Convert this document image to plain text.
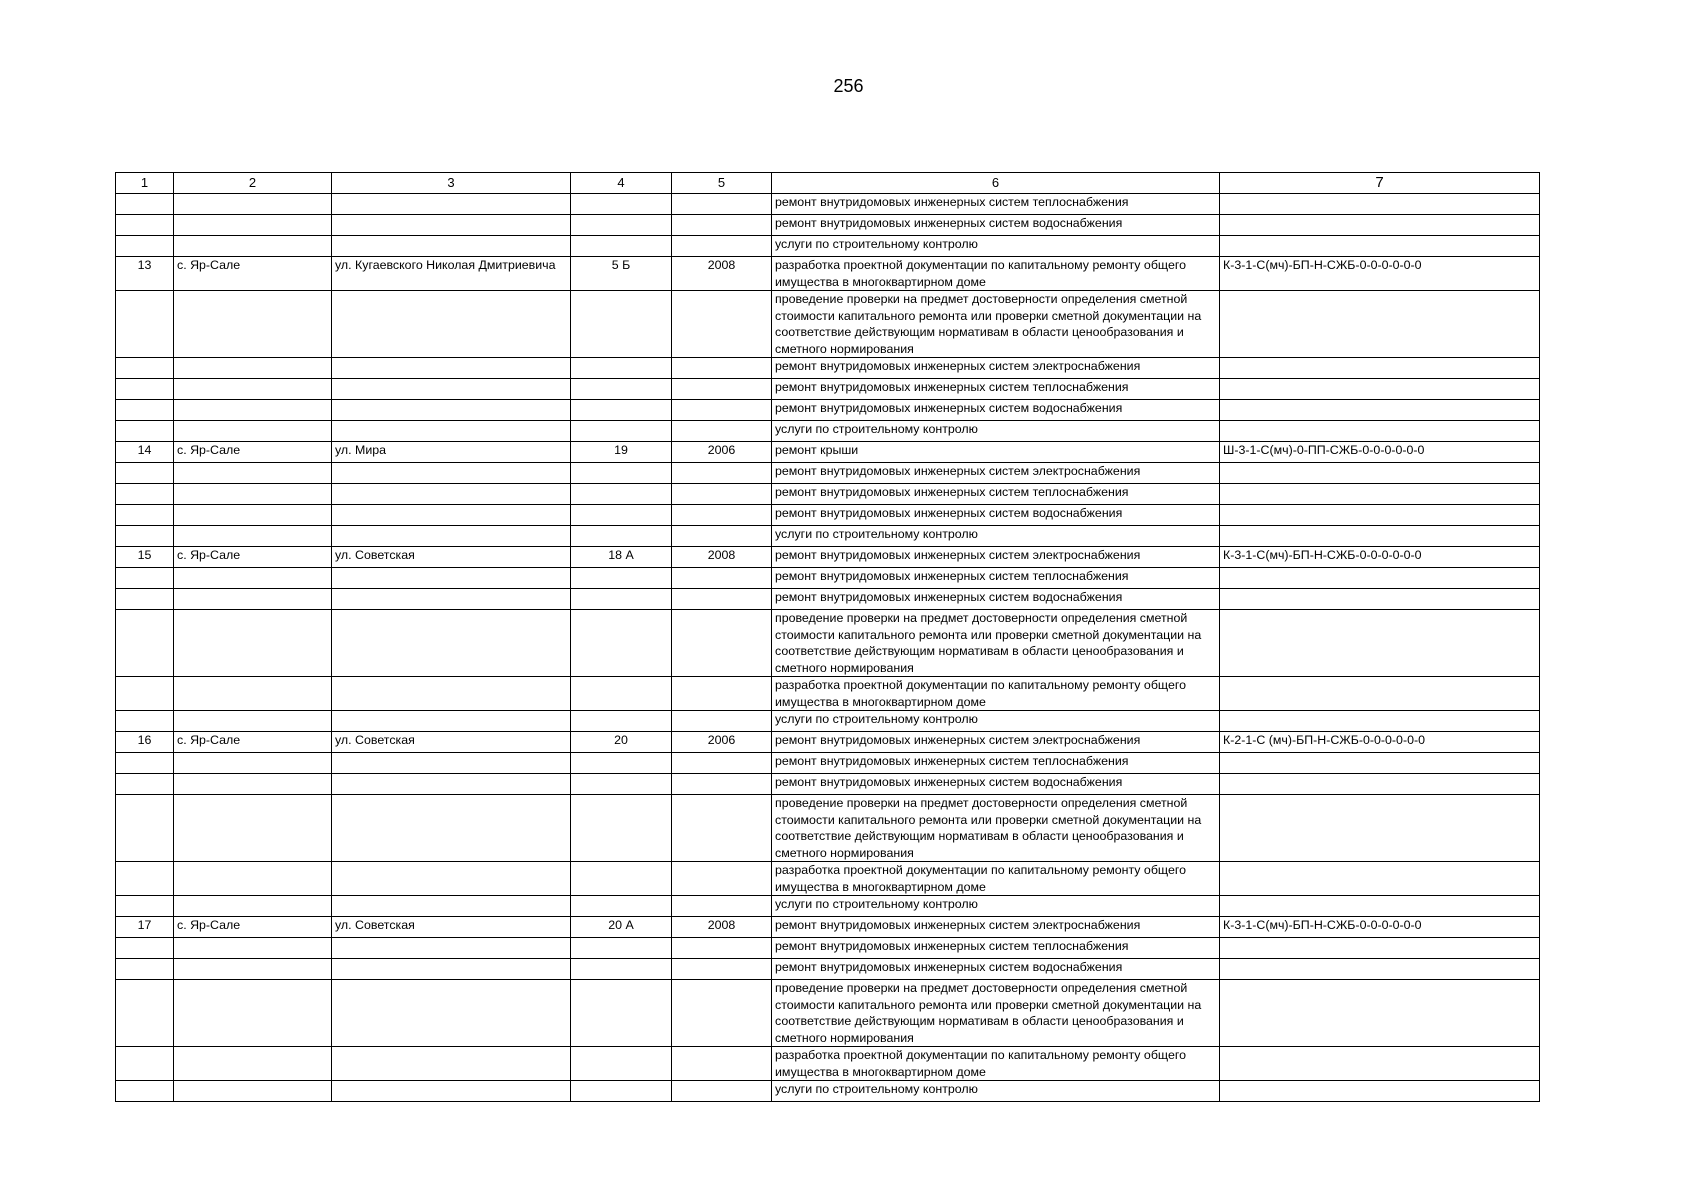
256
1	2	3	4	5	6	7
					ремонт внутридомовых инженерных систем теплоснабжения	
					ремонт внутридомовых инженерных систем водоснабжения	
					услуги по строительному контролю	
13	с. Яр-Сале	ул. Кугаевского Николая Дмитриевича	5 Б	2008	разработка проектной документации по капитальному ремонту общего имущества в многоквартирном доме	К-3-1-С(мч)-БП-Н-СЖБ-0-0-0-0-0-0
					проведение проверки на предмет достоверности определения сметной стоимости капитального ремонта или проверки сметной документации на соответствие действующим нормативам в области ценообразования и сметного нормирования	
					ремонт внутридомовых инженерных систем электроснабжения	
					ремонт внутридомовых инженерных систем теплоснабжения	
					ремонт внутридомовых инженерных систем водоснабжения	
					услуги по строительному контролю	
14	с. Яр-Сале	ул. Мира	19	2006	ремонт крыши	Ш-3-1-С(мч)-0-ПП-СЖБ-0-0-0-0-0-0
					ремонт внутридомовых инженерных систем электроснабжения	
					ремонт внутридомовых инженерных систем теплоснабжения	
					ремонт внутридомовых инженерных систем водоснабжения	
					услуги по строительному контролю	
15	с. Яр-Сале	ул. Советская	18 А	2008	ремонт внутридомовых инженерных систем электроснабжения	К-3-1-С(мч)-БП-Н-СЖБ-0-0-0-0-0-0
					ремонт внутридомовых инженерных систем теплоснабжения	
					ремонт внутридомовых инженерных систем водоснабжения	
					проведение проверки на предмет достоверности определения сметной стоимости капитального ремонта или проверки сметной документации на соответствие действующим нормативам в области ценообразования и сметного нормирования	
					разработка проектной документации по капитальному ремонту общего имущества в многоквартирном доме	
					услуги по строительному контролю	
16	с. Яр-Сале	ул. Советская	20	2006	ремонт внутридомовых инженерных систем электроснабжения	К-2-1-С (мч)-БП-Н-СЖБ-0-0-0-0-0-0
					ремонт внутридомовых инженерных систем теплоснабжения	
					ремонт внутридомовых инженерных систем водоснабжения	
					проведение проверки на предмет достоверности определения сметной стоимости капитального ремонта или проверки сметной документации на соответствие действующим нормативам в области ценообразования и сметного нормирования	
					разработка проектной документации по капитальному ремонту общего имущества в многоквартирном доме	
					услуги по строительному контролю	
17	с. Яр-Сале	ул. Советская	20 А	2008	ремонт внутридомовых инженерных систем электроснабжения	К-3-1-С(мч)-БП-Н-СЖБ-0-0-0-0-0-0
					ремонт внутридомовых инженерных систем теплоснабжения	
					ремонт внутридомовых инженерных систем водоснабжения	
					проведение проверки на предмет достоверности определения сметной стоимости капитального ремонта или проверки сметной документации на соответствие действующим нормативам в области ценообразования и сметного нормирования	
					разработка проектной документации по капитальному ремонту общего имущества в многоквартирном доме	
					услуги по строительному контролю	
